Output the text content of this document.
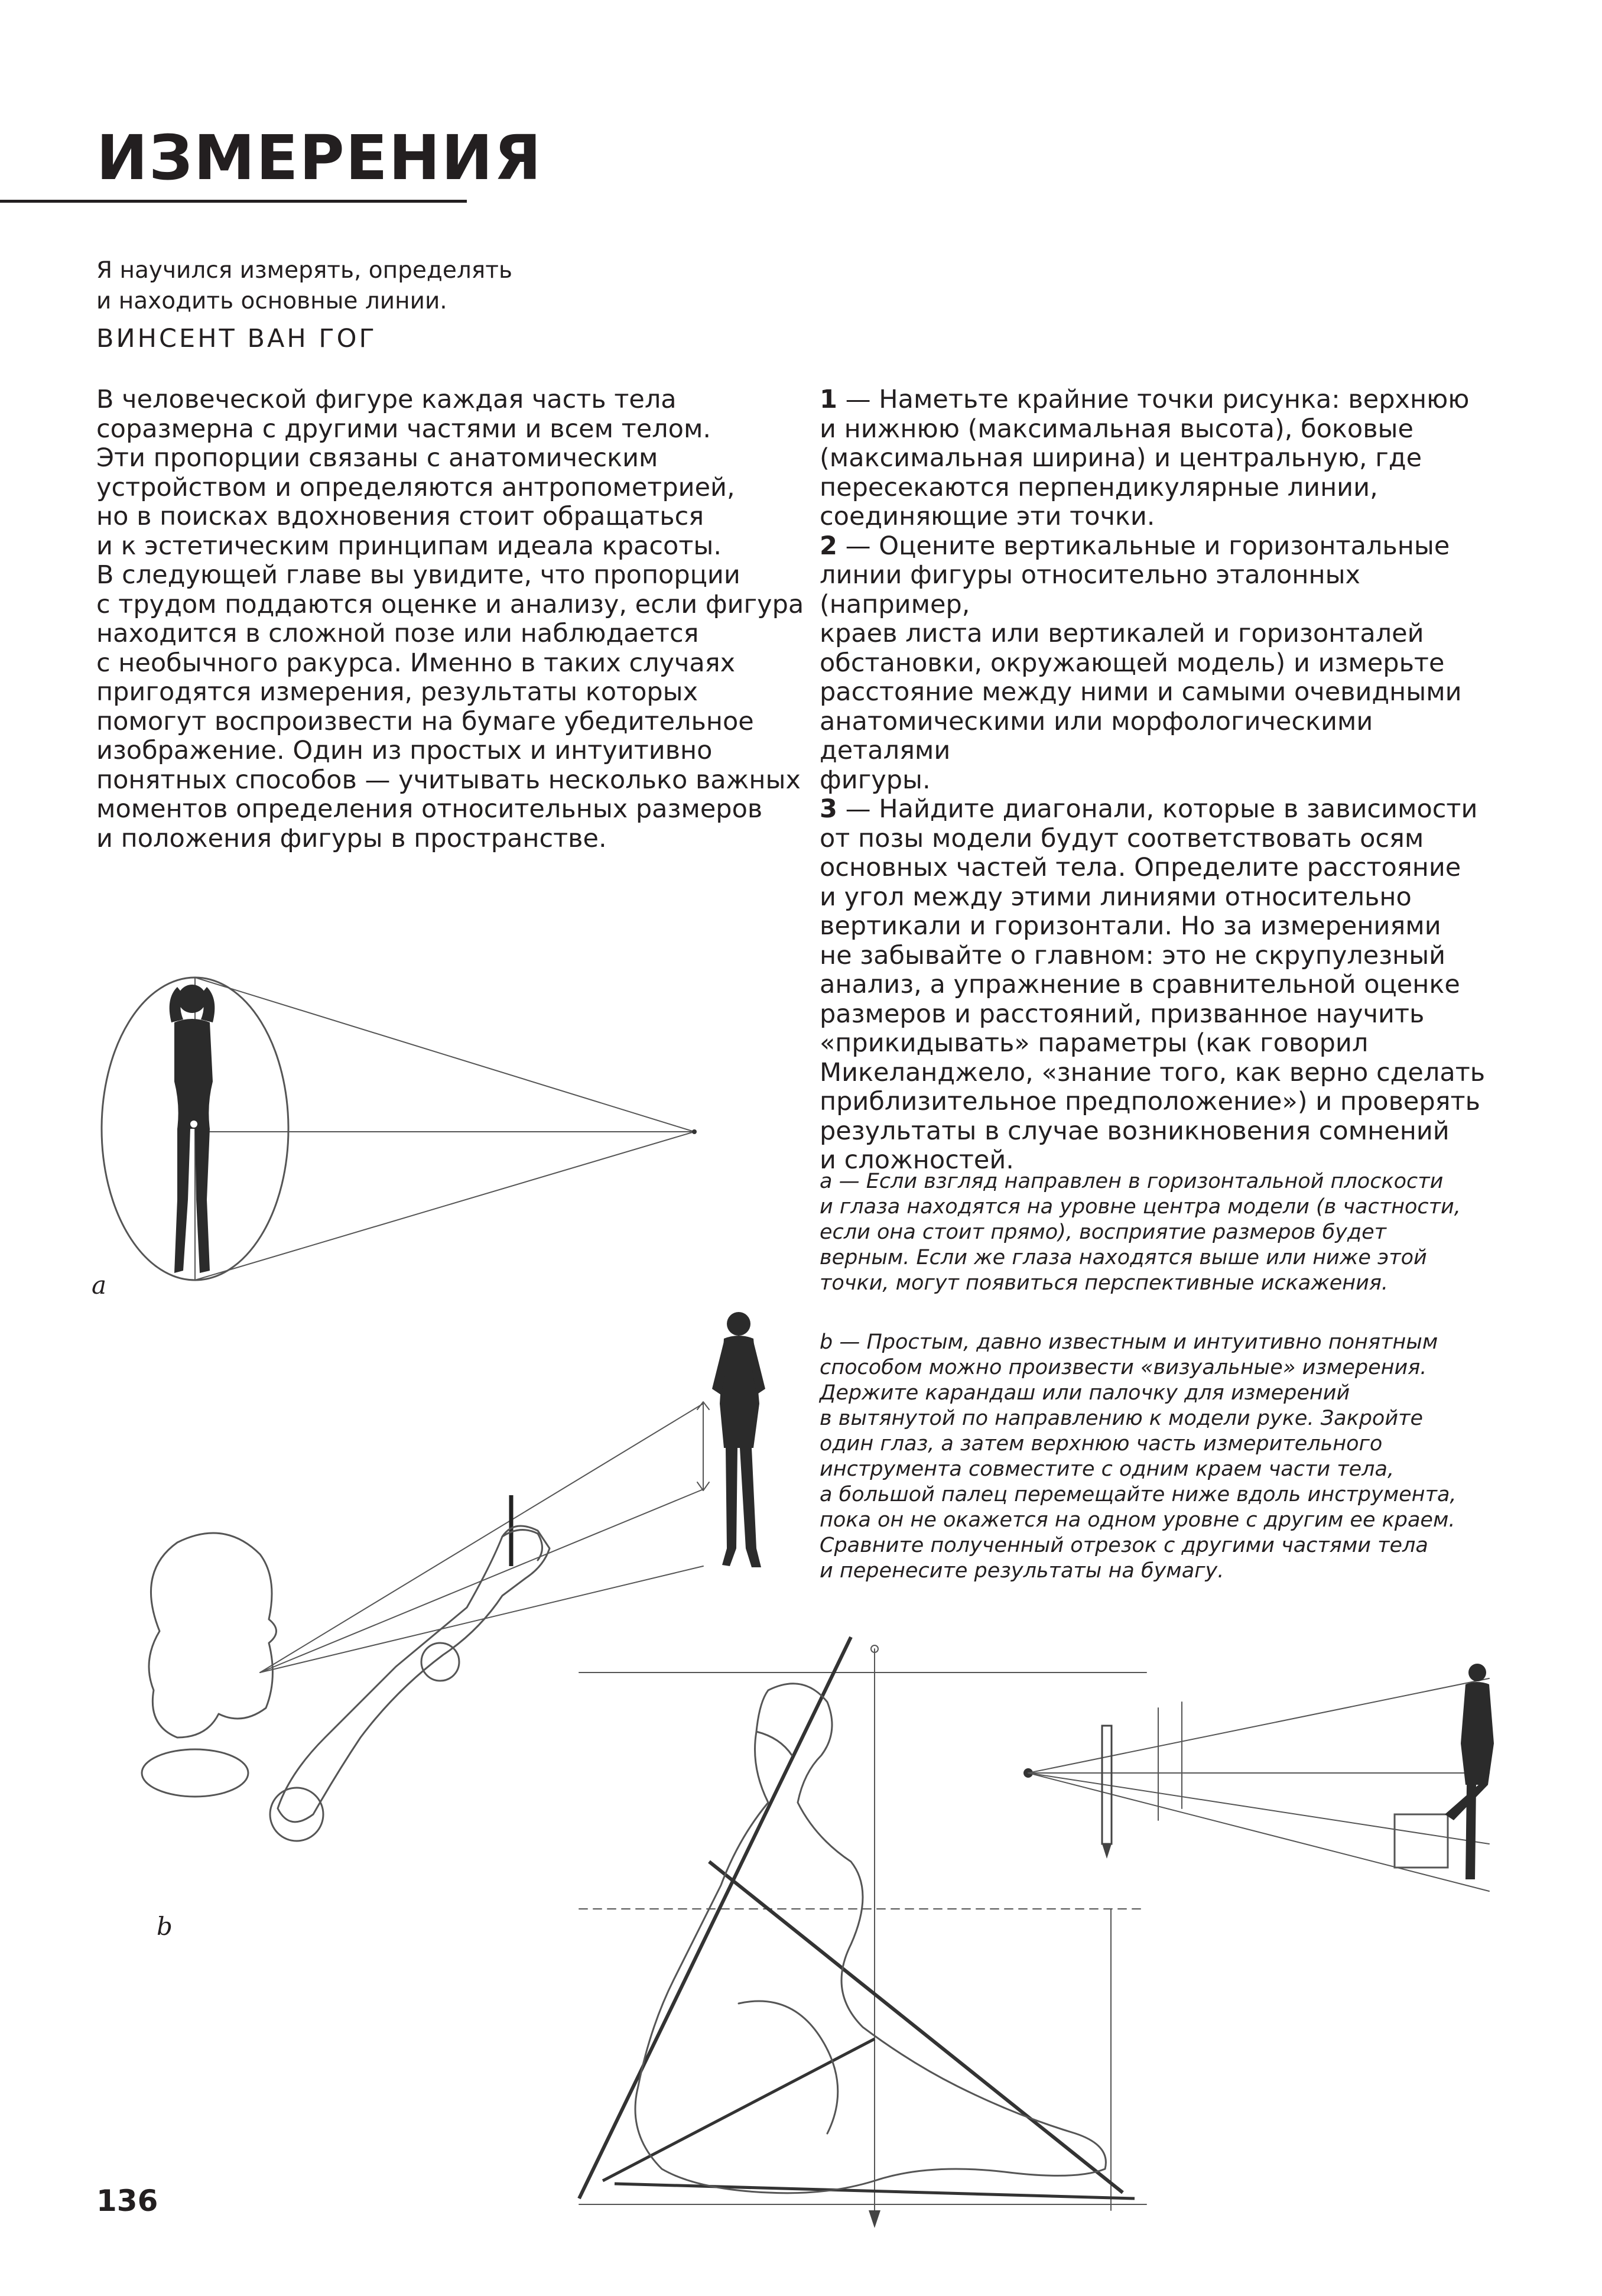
ИЗМЕРЕНИЯ
Я научился измерять, определять
и находить основные линии.
ВИНСЕНТ ВАН ГОГ
В человеческой фигуре каждая часть тела
соразмерна с другими частями и всем телом.
Эти пропорции связаны с анатомическим
устройством и определяются антропометрией,
но в поисках вдохновения стоит обращаться
и к эстетическим принципам идеала красоты.
В следующей главе вы увидите, что пропорции
с трудом поддаются оценке и анализу, если фигура
находится в сложной позе или наблюдается
с необычного ракурса. Именно в таких случаях
пригодятся измерения, результаты которых
помогут воспроизвести на бумаге убедительное
изображение. Один из простых и интуитивно
понятных способов — учитывать несколько важных
моментов определения относительных размеров
и положения фигуры в пространстве.
1 — Наметьте крайние точки рисунка: верхнюю
и нижнюю (максимальная высота), боковые
(максимальная ширина) и центральную, где
пересекаются перпендикулярные линии,
соединяющие эти точки.
2 — Оцените вертикальные и горизонтальные
линии фигуры относительно эталонных (например,
краев листа или вертикалей и горизонталей
обстановки, окружающей модель) и измерьте
расстояние между ними и самыми очевидными
анатомическими или морфологическими деталями
фигуры.
3 — Найдите диагонали, которые в зависимости
от позы модели будут соответствовать осям
основных частей тела. Определите расстояние
и угол между этими линиями относительно
вертикали и горизонтали. Но за измерениями
не забывайте о главном: это не скрупулезный
анализ, а упражнение в сравнительной оценке
размеров и расстояний, призванное научить
«прикидывать» параметры (как говорил
Микеланджело, «знание того, как верно сделать
приблизительное предположение») и проверять
результаты в случае возникновения сомнений
и сложностей.
a — Если взгляд направлен в горизонтальной плоскости
и глаза находятся на уровне центра модели (в частности,
если она стоит прямо), восприятие размеров будет
верным. Если же глаза находятся выше или ниже этой
точки, могут появиться перспективные искажения.
b — Простым, давно известным и интуитивно понятным
способом можно произвести «визуальные» измерения.
Держите карандаш или палочку для измерений
в вытянутой по направлению к модели руке. Закройте
один глаз, а затем верхнюю часть измерительного
инструмента совместите с одним краем части тела,
а большой палец перемещайте ниже вдоль инструмента,
пока он не окажется на одном уровне с другим ее краем.
Сравните полученный отрезок с другими частями тела
и перенесите результаты на бумагу.
a
b
136
